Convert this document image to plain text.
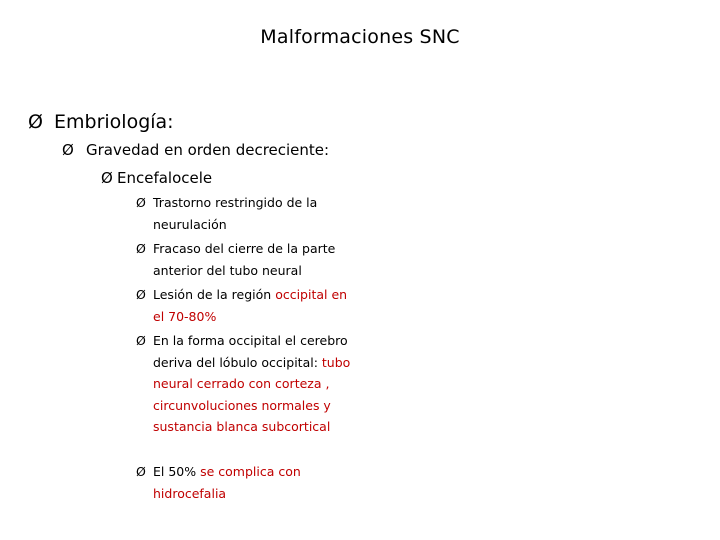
Malformaciones SNC
Ø Embriología:
Ø Gravedad en orden decreciente:
Ø Encefalocele
Ø Trastorno restringido de la neurulación
Ø Fracaso del cierre de la parte anterior del tubo neural
Ø Lesión de la región occipital en el 70-80%
Ø En la forma occipital el cerebro deriva del lóbulo occipital: tubo neural cerrado con corteza , circunvoluciones normales y sustancia blanca subcortical
Ø El 50% se complica con hidrocefalia
